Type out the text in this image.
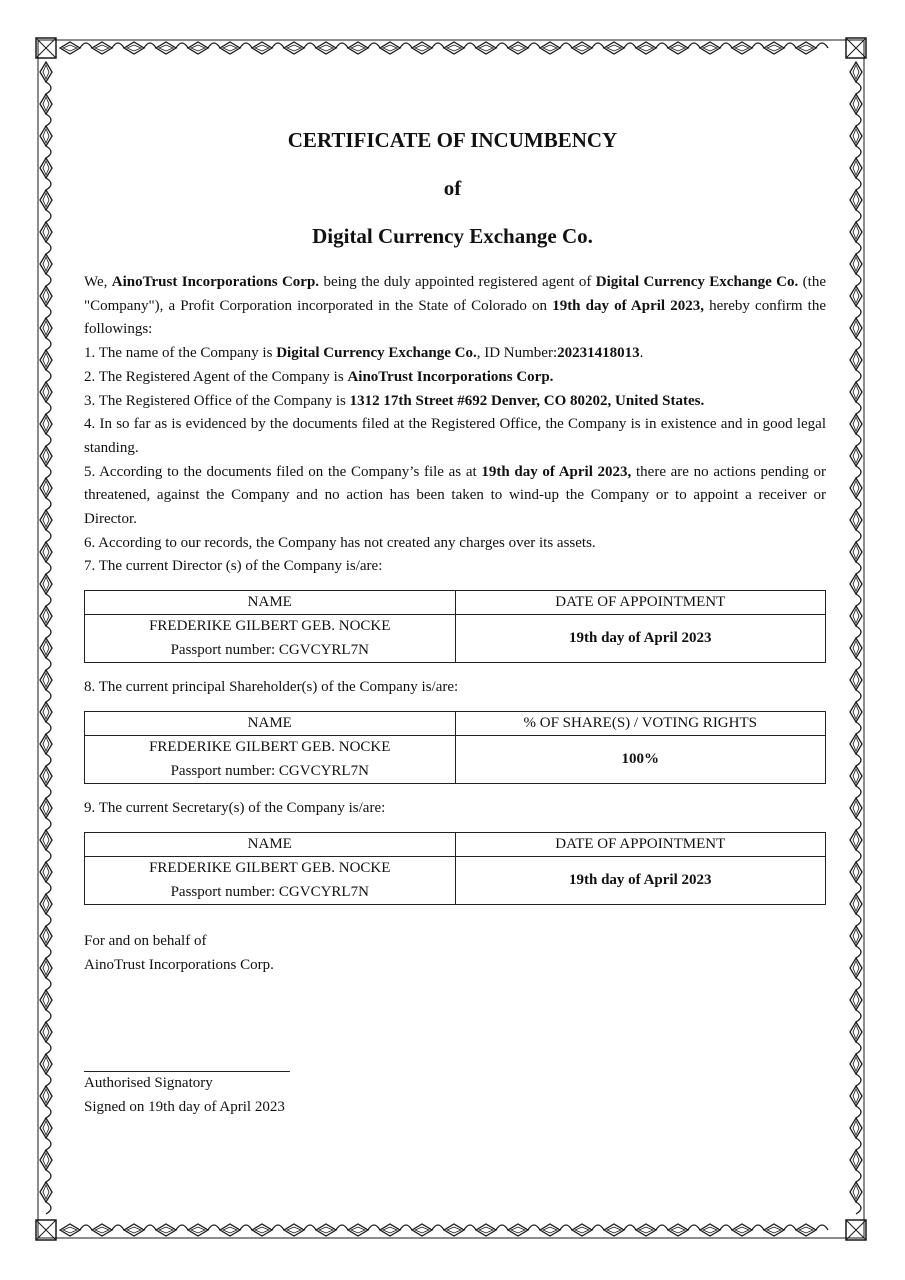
CERTIFICATE OF INCUMBENCY
of
Digital Currency Exchange Co.
We, AinoTrust Incorporations Corp. being the duly appointed registered agent of Digital Currency Exchange Co. (the "Company"), a Profit Corporation incorporated in the State of Colorado on 19th day of April 2023, hereby confirm the followings:
1. The name of the Company is Digital Currency Exchange Co., ID Number:20231418013.
2. The Registered Agent of the Company is AinoTrust Incorporations Corp.
3. The Registered Office of the Company is 1312 17th Street #692 Denver, CO 80202, United States.
4. In so far as is evidenced by the documents filed at the Registered Office, the Company is in existence and in good legal standing.
5. According to the documents filed on the Company’s file as at 19th day of April 2023, there are no actions pending or threatened, against the Company and no action has been taken to wind-up the Company or to appoint a receiver or Director.
6. According to our records, the Company has not created any charges over its assets.
7. The current Director (s) of the Company is/are:
NAME	DATE OF APPOINTMENT

FREDERIKE GILBERT GEB. NOCKE
Passport number: CGVCYRL7N	19th day of April 2023
8. The current principal Shareholder(s) of the Company is/are:
NAME	% OF SHARE(S) / VOTING RIGHTS

FREDERIKE GILBERT GEB. NOCKE
Passport number: CGVCYRL7N	100%
9. The current Secretary(s) of the Company is/are:
NAME	DATE OF APPOINTMENT

FREDERIKE GILBERT GEB. NOCKE
Passport number: CGVCYRL7N	19th day of April 2023
For and on behalf of
AinoTrust Incorporations Corp.
Authorised Signatory
Signed on 19th day of April 2023
